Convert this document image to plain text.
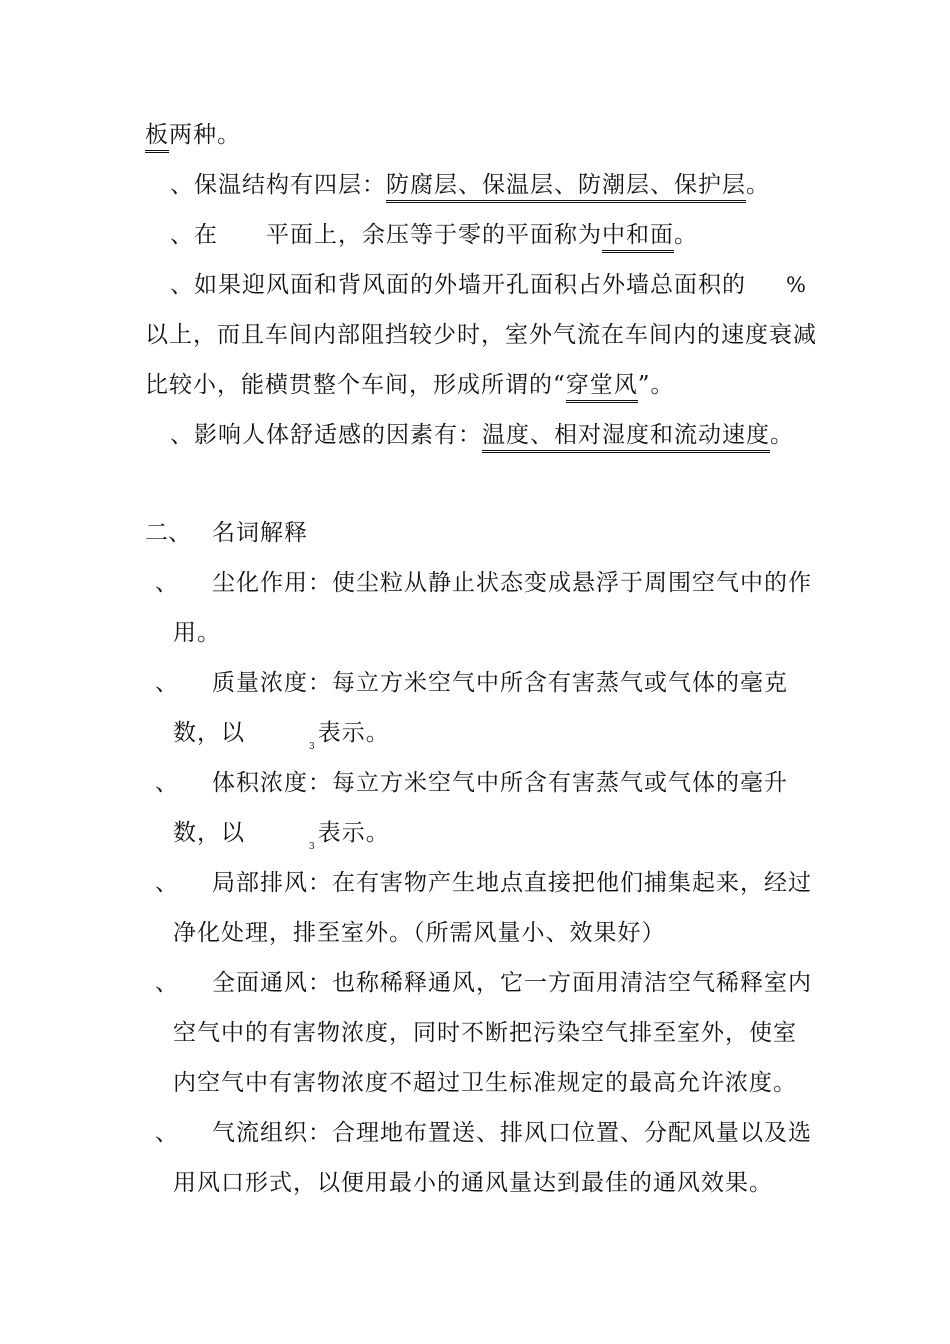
板两种。
、保温结构有四层：防腐层、保温层、防潮层、保护层。
、在 平面上，余压等于零的平面称为中和面。
、如果迎风面和背风面的外墙开孔面积占外墙总面积的 %
以上，而且车间内部阻挡较少时，室外气流在车间内的速度衰减
比较小，能横贯整个车间，形成所谓的“穿堂风”。
、影响人体舒适感的因素有：温度、相对湿度和流动速度。
二、 名词解释
、 尘化作用：使尘粒从静止状态变成悬浮于周围空气中的作
用。
、 质量浓度：每立方米空气中所含有害蒸气或气体的毫克
数，以$_3$表示。
、 体积浓度：每立方米空气中所含有害蒸气或气体的毫升
数，以$_3$表示。
、 局部排风：在有害物产生地点直接把他们捕集起来，经过
净化处理，排至室外。（所需风量小、效果好）
、 全面通风：也称稀释通风，它一方面用清洁空气稀释室内
空气中的有害物浓度，同时不断把污染空气排至室外，使室
内空气中有害物浓度不超过卫生标准规定的最高允许浓度。
、 气流组织：合理地布置送、排风口位置、分配风量以及选
用风口形式，以便用最小的通风量达到最佳的通风效果。
